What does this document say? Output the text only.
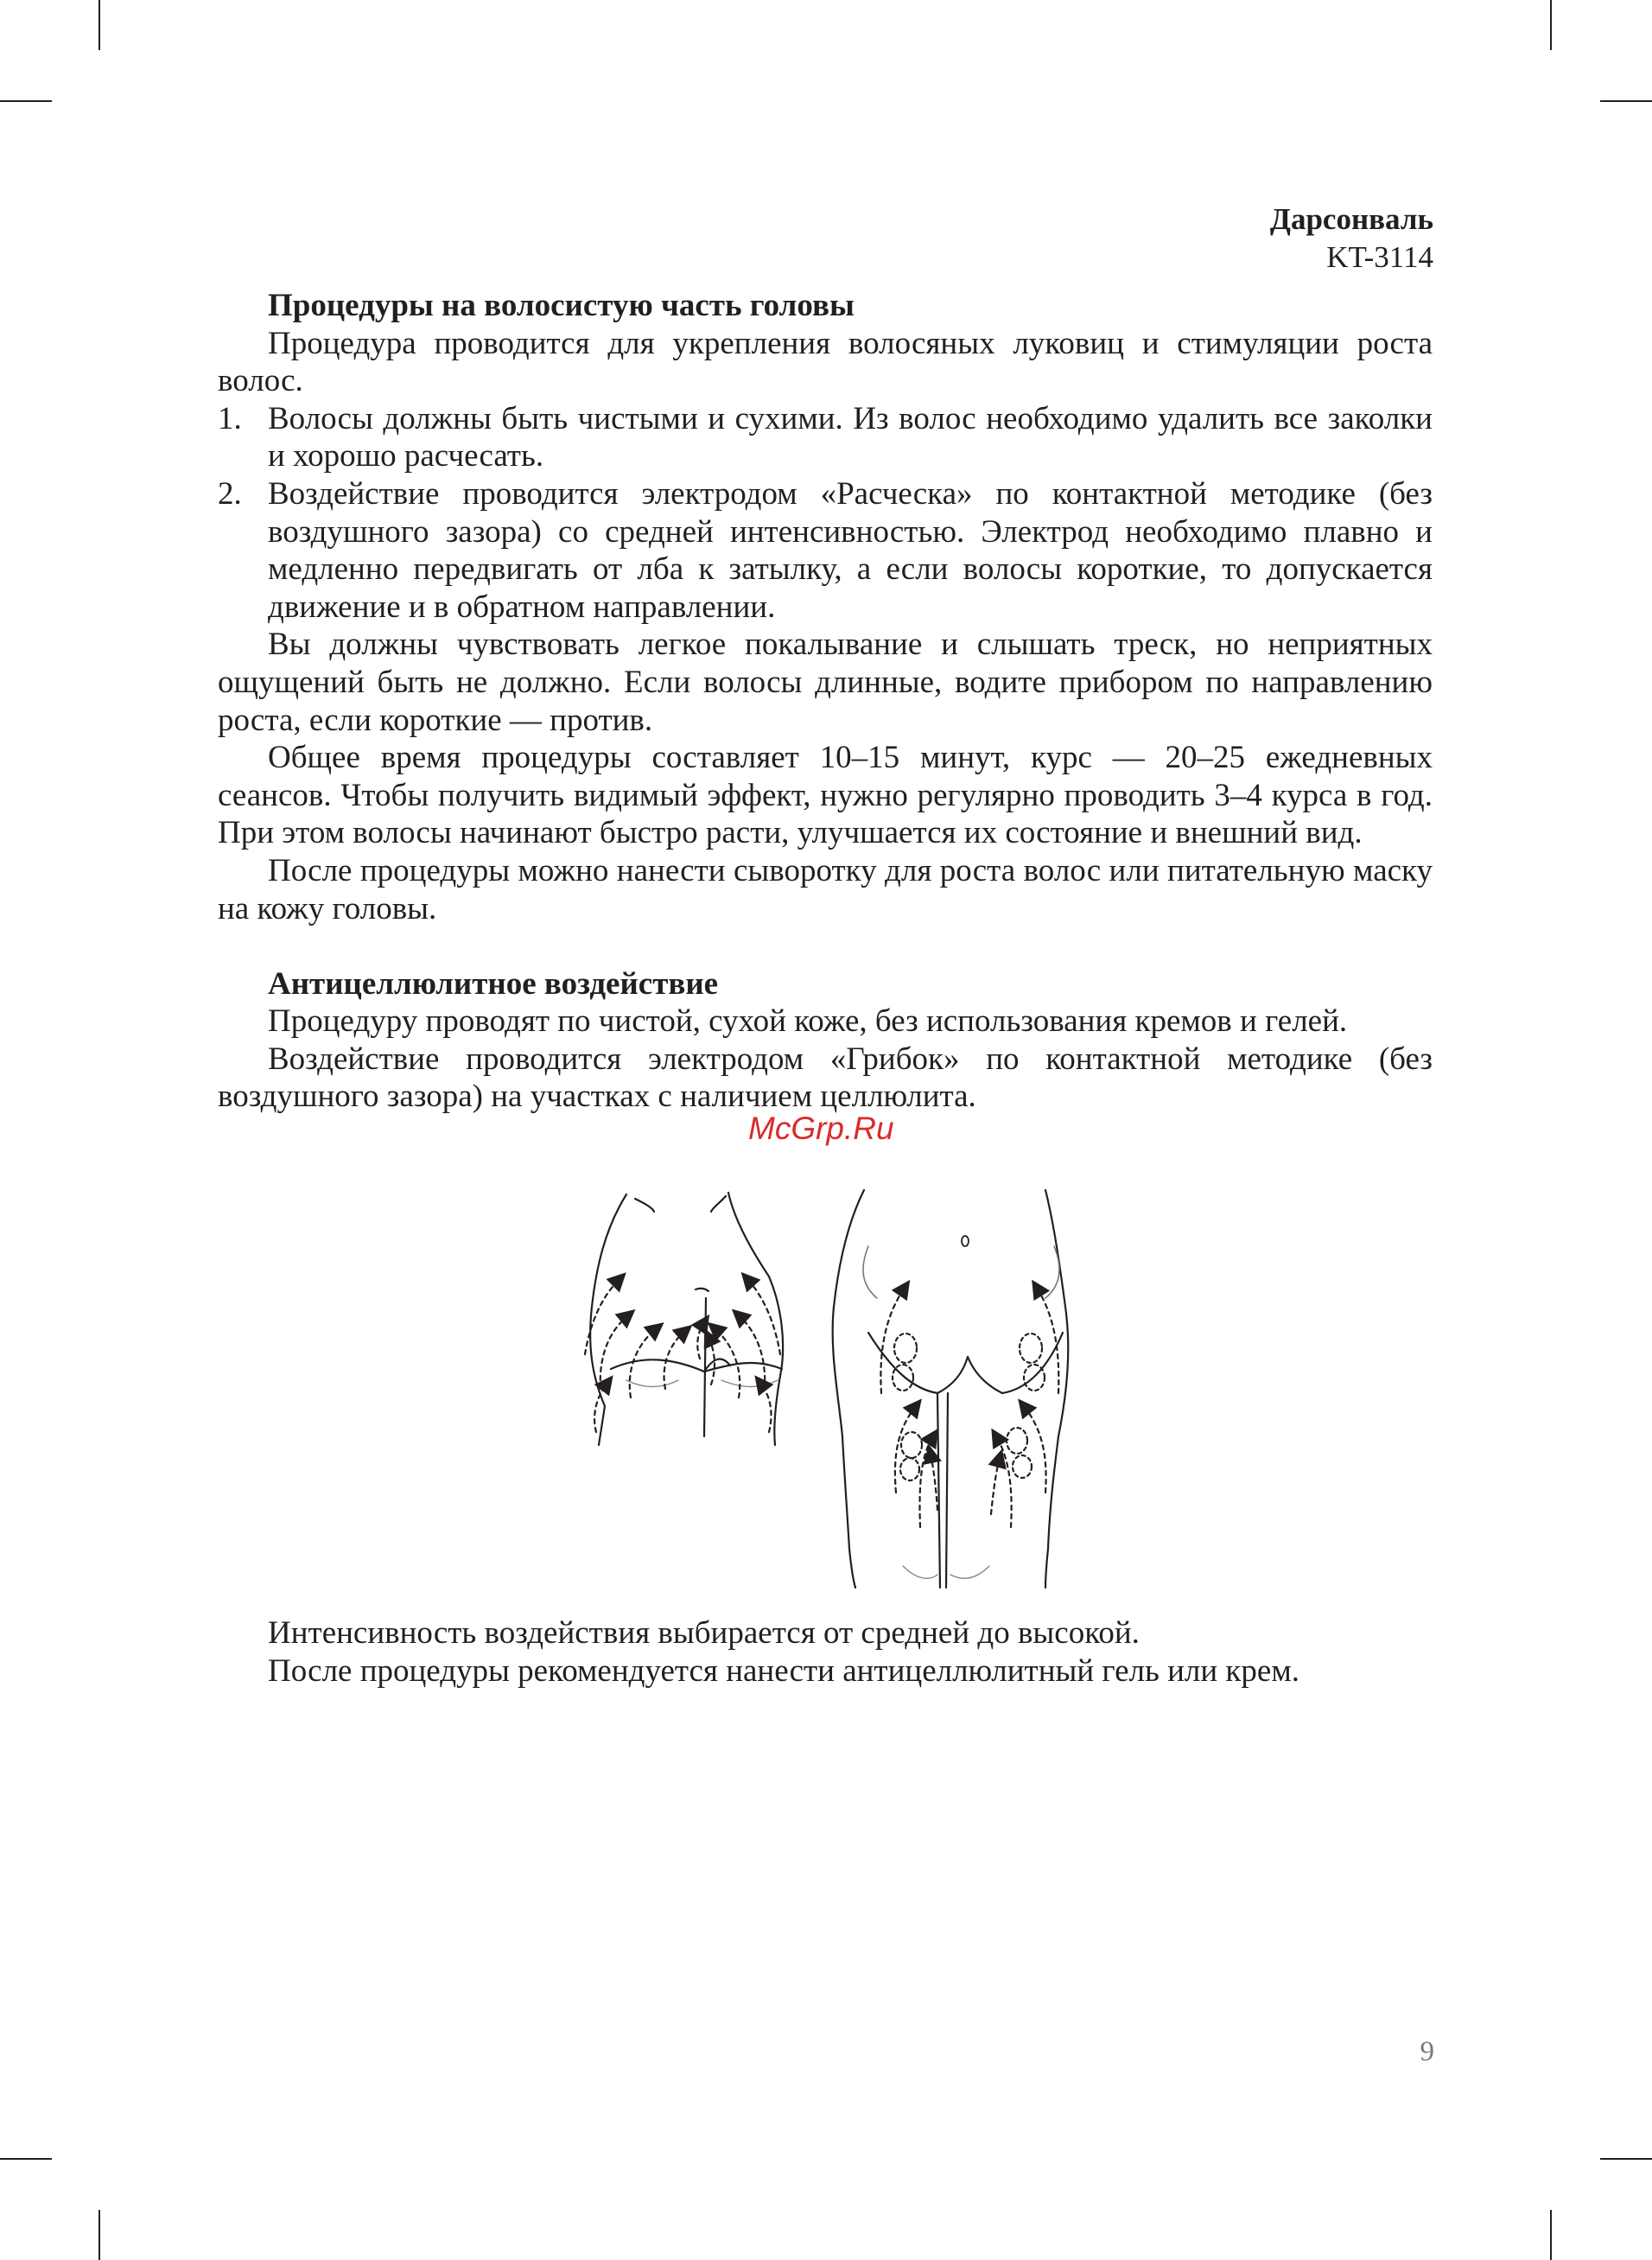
Дарсонваль
KT-3114
Процедуры на волосистую часть головы

Процедура проводится для укрепления волосяных луковиц и стимуляции роста волос.

1. Волосы должны быть чистыми и сухими. Из волос необходимо удалить все заколки и хорошо расчесать.
2. Воздействие проводится электродом «Расческа» по контактной методике (без воздушного зазора) со средней интенсивностью. Электрод необходимо плавно и медленно передвигать от лба к затылку, а если волосы короткие, то допускается движение и в обратном направлении.

Вы должны чувствовать легкое покалывание и слышать треск, но неприятных ощущений быть не должно. Если волосы длинные, водите прибором по направлению роста, если короткие — против.

Общее время процедуры составляет 10–15 минут, курс — 20–25 ежедневных сеансов. Чтобы получить видимый эффект, нужно регулярно проводить 3–4 курса в год. При этом волосы начинают быстро расти, улучшается их состояние и внешний вид.

После процедуры можно нанести сыворотку для роста волос или питательную маску на кожу головы.

Антицеллюлитное воздействие

Процедуру проводят по чистой, сухой коже, без использования кремов и гелей.

Воздействие проводится электродом «Грибок» по контактной методике (без воздушного зазора) на участках с наличием целлюлита.

McGrp.Ru

Интенсивность воздействия выбирается от средней до высокой.

После процедуры рекомендуется нанести антицеллюлитный гель или крем.

9
